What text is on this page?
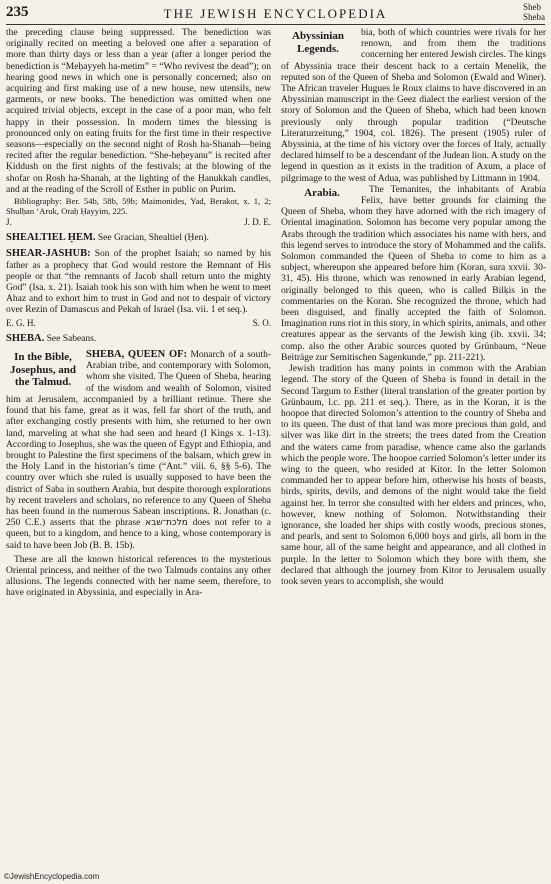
235	THE JEWISH ENCYCLOPEDIA	Sheb
Sheba

the preceding clause being suppressed. The benediction was originally recited on meeting a beloved one after a separation of more than thirty days or less than a year (after a longer period the benediction is “Meḥayyeh ha-metim” = “Who revivest the dead”); on hearing good news in which one is personally concerned; also on acquiring and first making use of a new house, new utensils, new garments, or new books. The benediction was omitted when one acquired trivial objects, except in the case of a poor man, who felt happy in their possession. In modern times the blessing is pronounced only on eating fruits for the first time in their respective seasons—especially on the second night of Rosh ha-Shanah—being recited after the regular benediction. “She-heḥeyanu” is recited after Ḳiddush on the first nights of the festivals; at the blowing of the shofar on Rosh ha-Shanah, at the lighting of the Ḥanukkah candles, and at the reading of the Scroll of Esther in public on Purim.

Bibliography: Ber. 54b, 58b, 59b; Maimonides, Yad, Berakot, x. 1, 2; Shulḥan ‘Aruk, Oraḥ Ḥayyim, 225.

J.	J. D. E.

SHEALTIEL ḤEM. See Gracian, Shealtiel (Ḥen).

SHEAR-JASHUB: Son of the prophet Isaiah; so named by his father as a prophecy that God would restore the Remnant of His people or that “the remnants of Jacob shall return unto the mighty God” (Isa. x. 21). Isaiah took his son with him when he went to meet Ahaz and to exhort him to trust in God and not to despair of victory over Rezin of Damascus and Pekah of Israel (Isa. vii. 1 et seq.).

E. G. H.	S. O.

SHEBA. See Sabeans.

In the Bible, Josephus, and the Talmud.
SHEBA, QUEEN OF: Monarch of a south-Arabian tribe, and contemporary with Solomon, whom she visited. The Queen of Sheba, hearing of the wisdom and wealth of Solomon, visited him at Jerusalem, accompanied by a brilliant retinue. There she found that his fame, great as it was, fell far short of the truth, and after exchanging costly presents with him, she returned to her own land, marveling at what she had seen and heard (I Kings x. 1-13). According to Josephus, she was the queen of Egypt and Ethiopia, and brought to Palestine the first specimens of the balsam, which grew in the Holy Land in the historian’s time (“Ant.” viii. 6, §§ 5-6). The country over which she ruled is usually supposed to have been the district of Saba in southern Arabia, but despite thorough explorations by recent travelers and scholars, no reference to any Queen of Sheba has been found in the numerous Sabean inscriptions. R. Jonathan (c. 250 C.E.) asserts that the phrase מלכת־שבא does not refer to a queen, but to a kingdom, and hence to a king, whose contemporary is said to have been Job (B. B. 15b).

These are all the known historical references to the mysterious Oriental princess, and neither of the two Talmuds contains any other allusions. The legends connected with her name seem, therefore, to have originated in Abyssinia, and especially in Ara-

Abyssinian Legends.
bia, both of which countries were rivals for her renown, and from them the traditions concerning her entered Jewish circles. The kings of Abyssinia trace their descent back to a certain Menelik, the reputed son of the Queen of Sheba and Solomon (Ewald and Winer). The African traveler Hugues le Roux claims to have discovered in an Abyssinian manuscript in the Geez dialect the earliest version of the story of Solomon and the Queen of Sheba, which had been known previously only through popular tradition (“Deutsche Literaturzeitung,” 1904, col. 1826). The present (1905) ruler of Abyssinia, at the time of his victory over the forces of Italy, actually declared himself to be a descendant of the Judean lion. A study on the legend in question as it exists in the tradition of Axum, a place of pilgrimage to the west of Adua, was published by Littmann in 1904.

Arabia.	The Temanites, the inhabitants of Arabia Felix, have better grounds for claiming the Queen of Sheba, whom they have adorned with the rich imagery of Oriental imagination. Solomon has become very popular among the Arabs through the tradition which associates his name with hers, and this legend serves to introduce the story of Mohammed and the califs. Solomon commanded the Queen of Sheba to come to him as a subject, whereupon she appeared before him (Koran, sura xxvii. 30-31, 45). His throne, which was renowned in early Arabian legend, originally belonged to this queen, who is called Bilḳis in the commentaries on the Koran. She recognized the throne, which had been disguised, and finally accepted the faith of Solomon. Imagination runs riot in this story, in which spirits, animals, and other creatures appear as the servants of the Jewish king (ib. xxvii. 34; comp. also the other Arabic sources quoted by Grünbaum, “Neue Beiträge zur Semitischen Sagenkunde,” pp. 211-221).

Jewish tradition has many points in common with the Arabian legend. The story of the Queen of Sheba is found in detail in the Second Targum to Esther (literal translation of the greater portion by Grünbaum, l.c. pp. 211 et seq.). There, as in the Koran, it is the hoopoe that directed Solomon’s attention to the country of Sheba and to its queen. The dust of that land was more precious than gold, and silver was like dirt in the streets; the trees dated from the Creation and the waters came from paradise, whence came also the garlands which the people wore. The hoopoe carried Solomon’s letter under its wing to the queen, who resided at Kitor. In the letter Solomon commanded her to appear before him, otherwise his hosts of beasts, birds, spirits, devils, and demons of the night would take the field against her. In terror she consulted with her elders and princes, who, however, knew nothing of Solomon. Notwithstanding their ignorance, she loaded her ships with costly woods, precious stones, and pearls, and sent to Solomon 6,000 boys and girls, all born in the same hour, all of the same height and appearance, and all clothed in purple. In the letter to Solomon which they bore with them, she declared that although the journey from Kitor to Jerusalem usually took seven years to accomplish, she would

©JewishEncyclopedia.com
